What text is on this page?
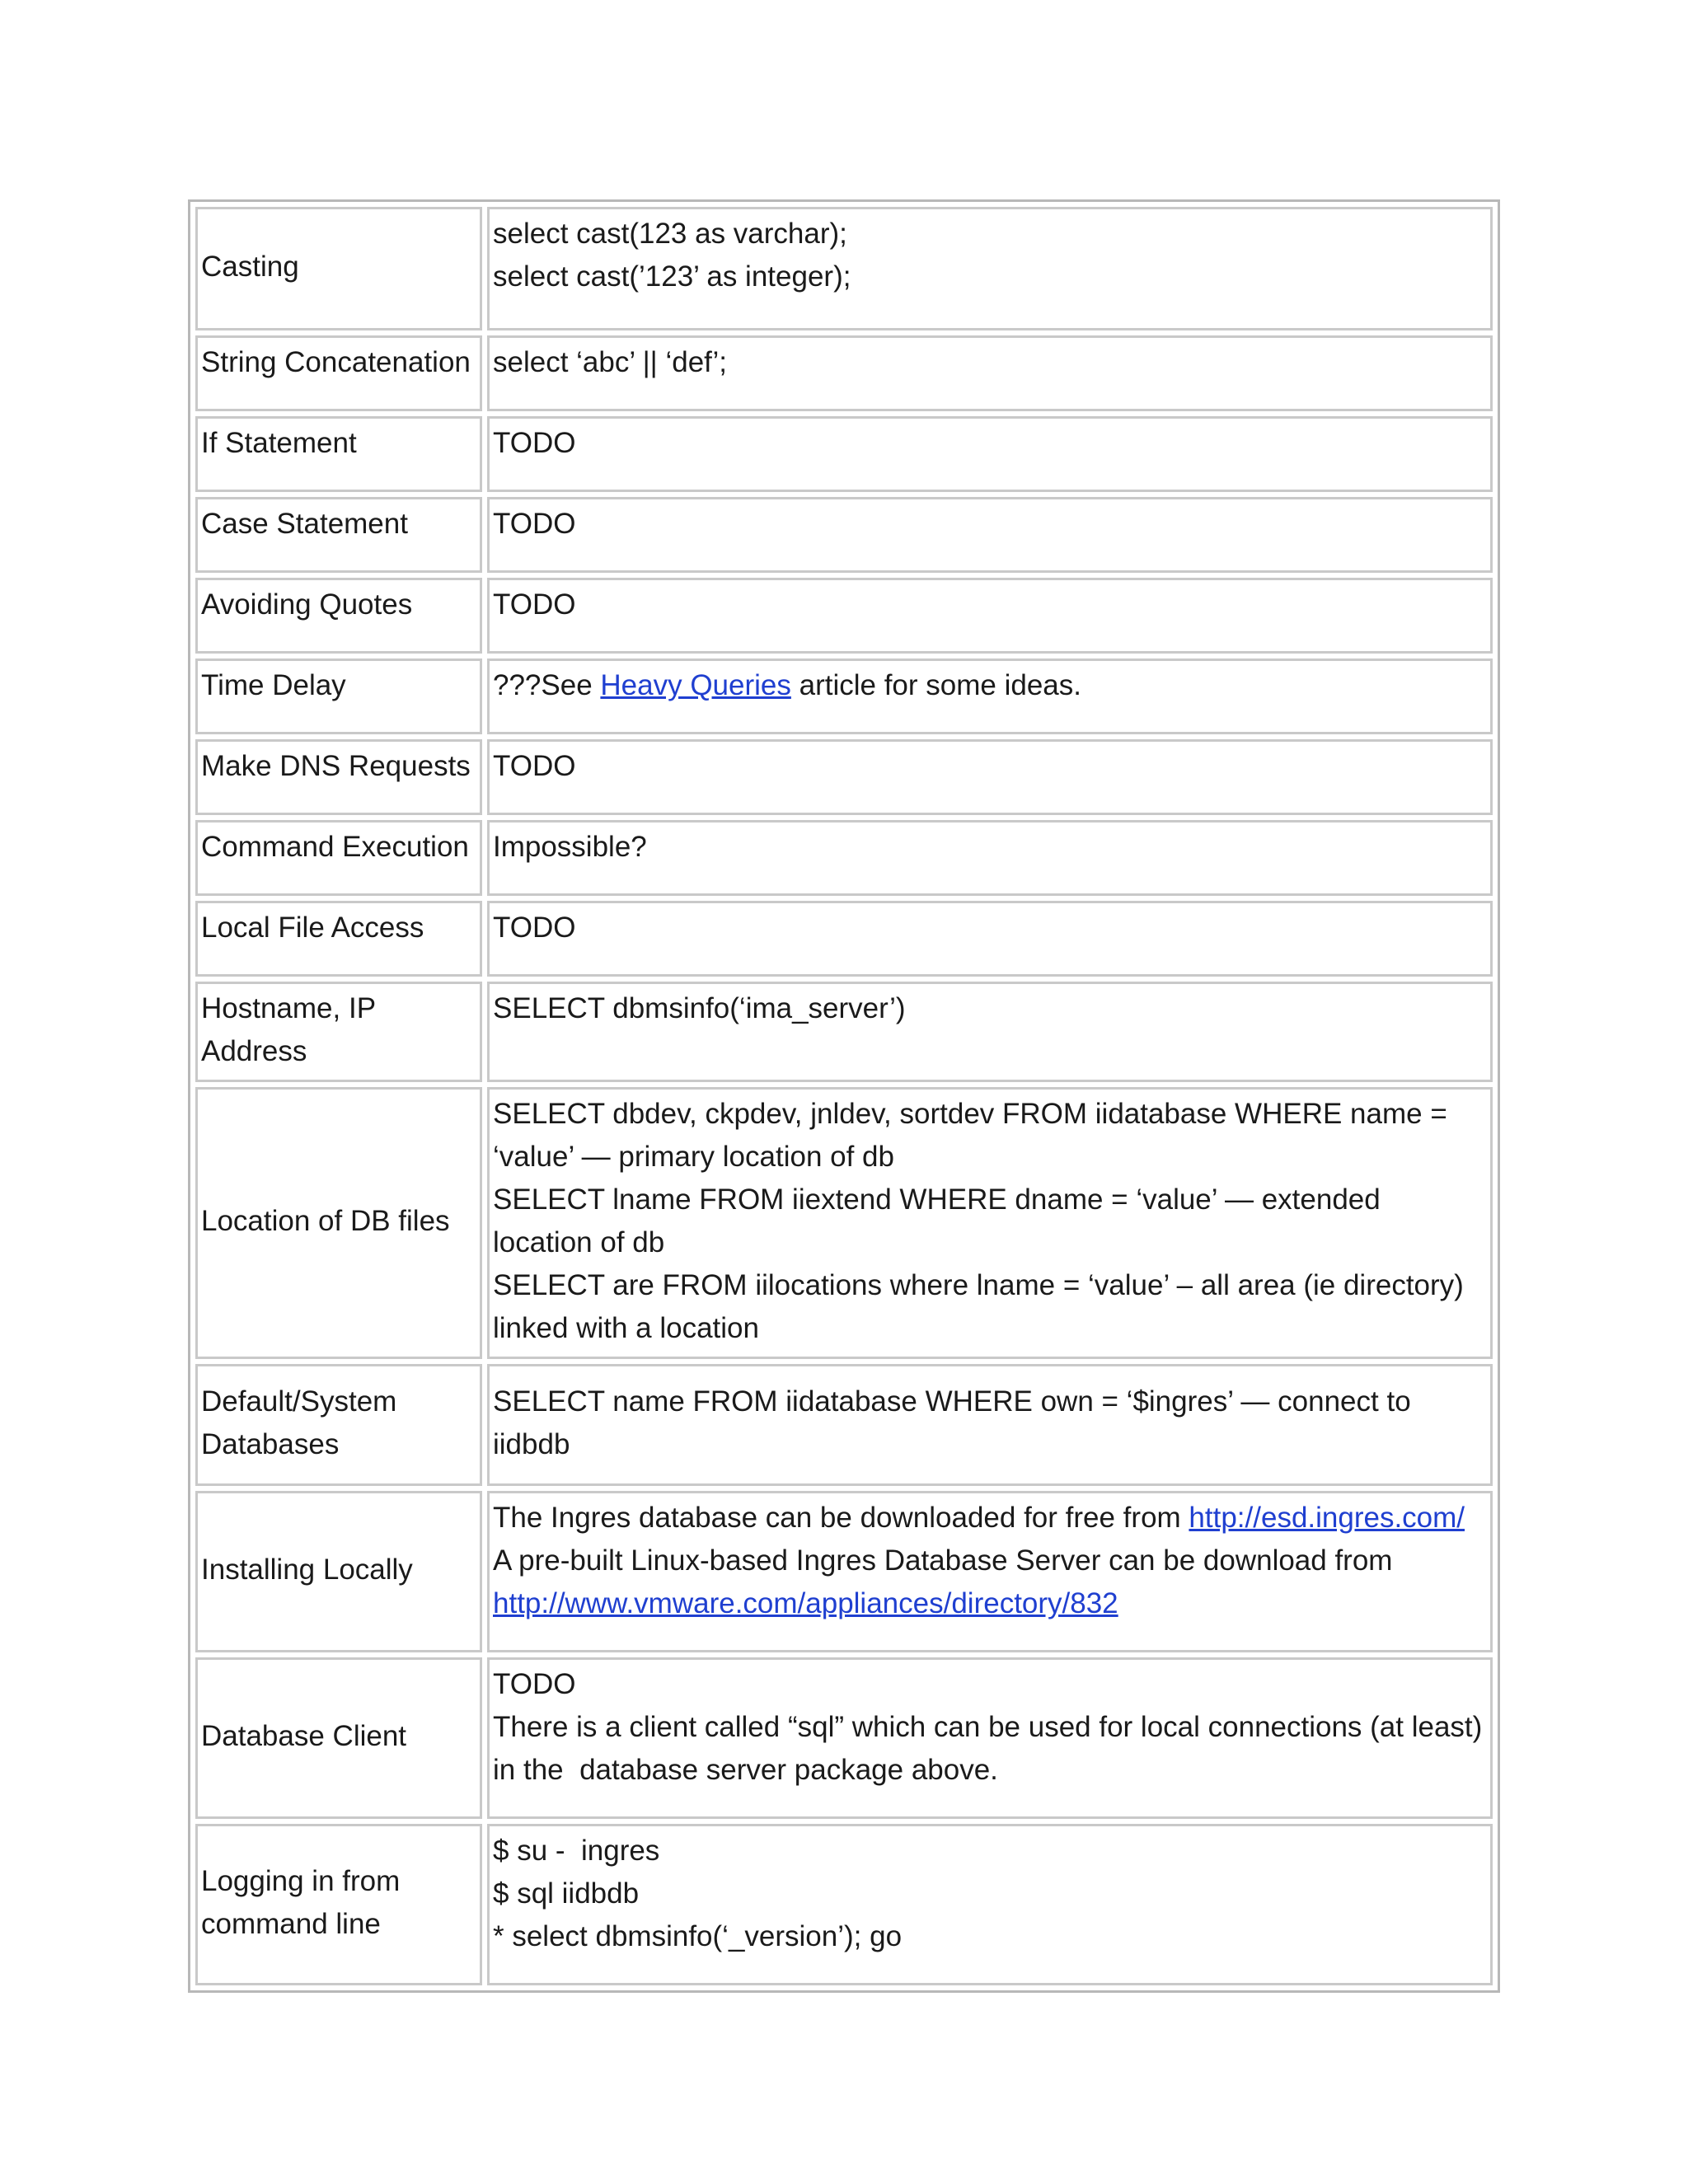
Casting	select cast(123 as varchar);
select cast(’123’ as integer);

String Concatenation	select ‘abc’ || ‘def’;

If Statement	TODO

Case Statement	TODO

Avoiding Quotes	TODO

Time Delay	???See Heavy Queries article for some ideas.

Make DNS Requests	TODO

Command Execution	Impossible?

Local File Access	TODO

Hostname, IP Address	SELECT dbmsinfo(‘ima_server’)

Location of DB files	SELECT dbdev, ckpdev, jnldev, sortdev FROM iidatabase WHERE name = ‘value’ — primary location of db
SELECT lname FROM iiextend WHERE dname = ‘value’ — extended location of db
SELECT are FROM iilocations where lname = ‘value’ – all area (ie directory) linked with a location

Default/System Databases	SELECT name FROM iidatabase WHERE own = ‘$ingres’ — connect to iidbdb

Installing Locally	The Ingres database can be downloaded for free from http://esd.ingres.com/
A pre-built Linux-based Ingres Database Server can be download from
http://www.vmware.com/appliances/directory/832

Database Client	TODO
There is a client called “sql” which can be used for local connections (at least) in the  database server package above.

Logging in from command line	$ su -  ingres
$ sql iidbdb
* select dbmsinfo(‘_version’); go
